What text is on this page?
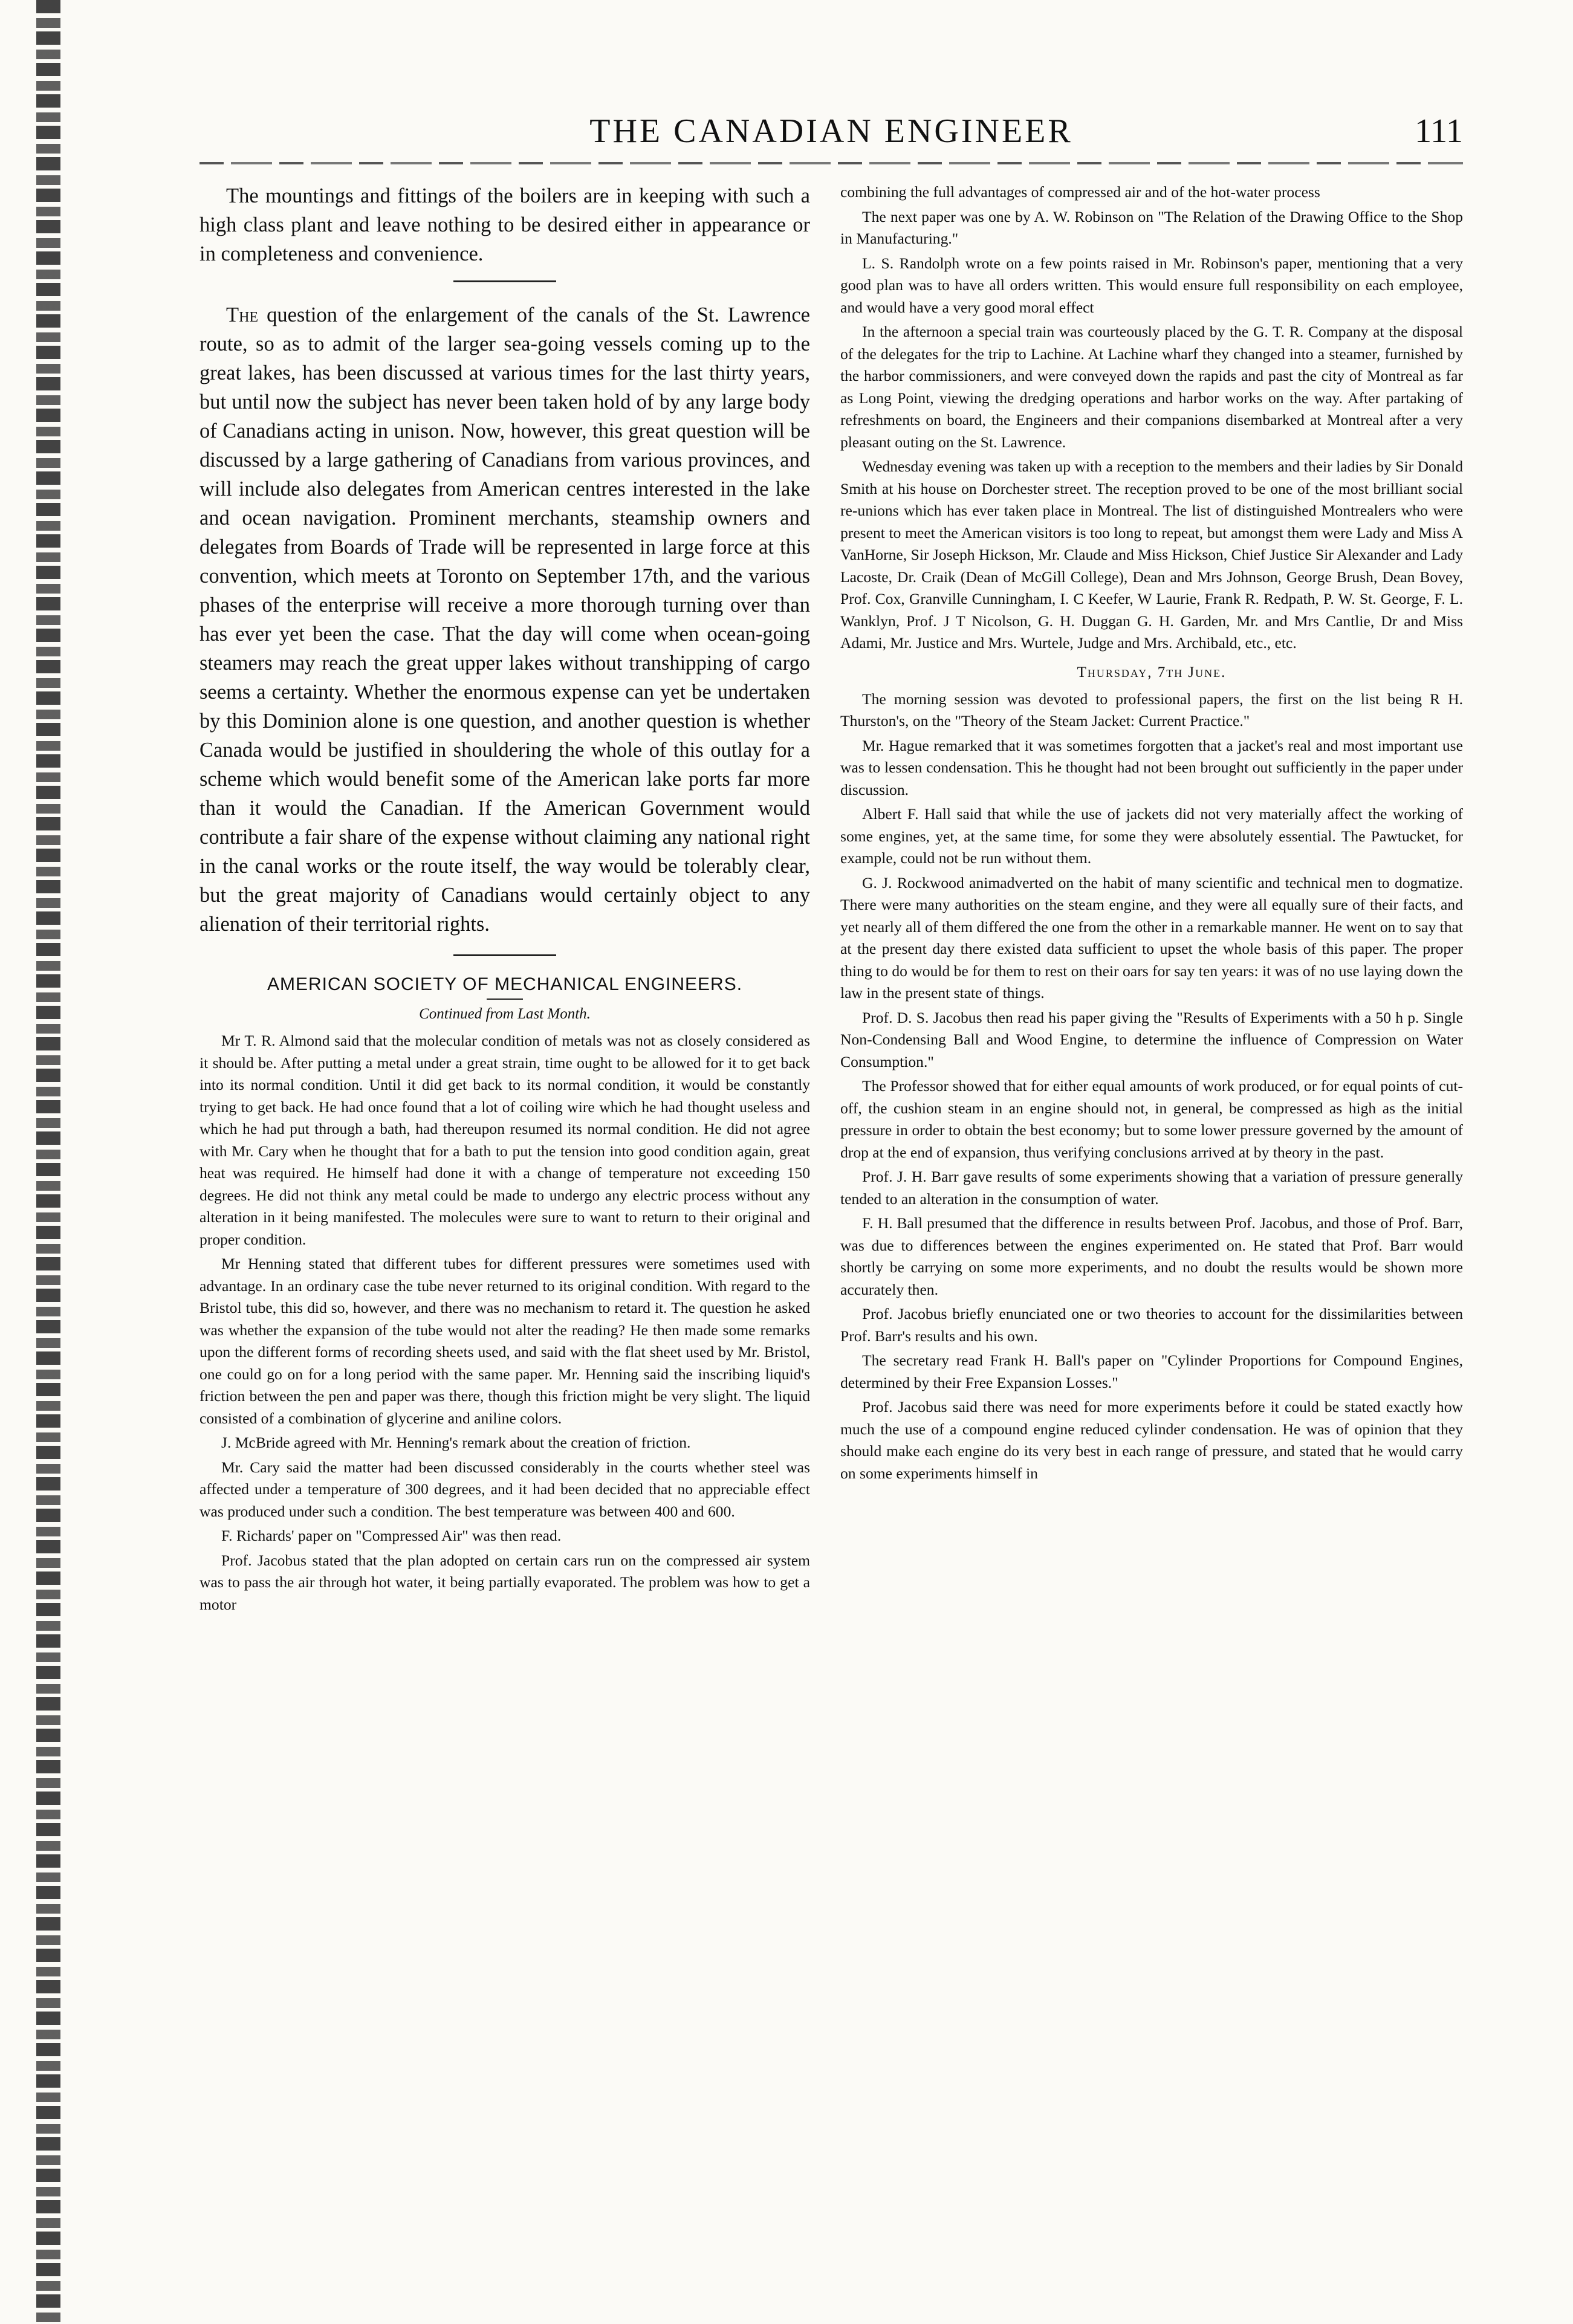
THE CANADIAN ENGINEER	111

The mountings and fittings of the boilers are in keeping with such a high class plant and leave nothing to be desired either in appearance or in completeness and convenience.

The question of the enlargement of the canals of the St. Lawrence route, so as to admit of the larger sea-going vessels coming up to the great lakes, has been discussed at various times for the last thirty years, but until now the subject has never been taken hold of by any large body of Canadians acting in unison. Now, however, this great question will be discussed by a large gathering of Canadians from various provinces, and will include also delegates from American centres interested in the lake and ocean navigation. Prominent merchants, steamship owners and delegates from Boards of Trade will be represented in large force at this convention, which meets at Toronto on September 17th, and the various phases of the enterprise will receive a more thorough turning over than has ever yet been the case. That the day will come when ocean-going steamers may reach the great upper lakes without transhipping of cargo seems a certainty. Whether the enormous expense can yet be undertaken by this Dominion alone is one question, and another question is whether Canada would be justified in shouldering the whole of this outlay for a scheme which would benefit some of the American lake ports far more than it would the Canadian. If the American Government would contribute a fair share of the expense without claiming any national right in the canal works or the route itself, the way would be tolerably clear, but the great majority of Canadians would certainly object to any alienation of their territorial rights.

AMERICAN SOCIETY OF MECHANICAL ENGINEERS.
Continued from Last Month.

Mr T. R. Almond said that the molecular condition of metals was not as closely considered as it should be. After putting a metal under a great strain, time ought to be allowed for it to get back into its normal condition. Until it did get back to its normal condition, it would be constantly trying to get back. He had once found that a lot of coiling wire which he had thought useless and which he had put through a bath, had thereupon resumed its normal condition. He did not agree with Mr. Cary when he thought that for a bath to put the tension into good condition again, great heat was required. He himself had done it with a change of temperature not exceeding 150 degrees. He did not think any metal could be made to undergo any electric process without any alteration in it being manifested. The molecules were sure to want to return to their original and proper condition.

Mr Henning stated that different tubes for different pressures were sometimes used with advantage. In an ordinary case the tube never returned to its original condition. With regard to the Bristol tube, this did so, however, and there was no mechanism to retard it. The question he asked was whether the expansion of the tube would not alter the reading? He then made some remarks upon the different forms of recording sheets used, and said with the flat sheet used by Mr. Bristol, one could go on for a long period with the same paper. Mr. Henning said the inscribing liquid's friction between the pen and paper was there, though this friction might be very slight. The liquid consisted of a combination of glycerine and aniline colors.

J. McBride agreed with Mr. Henning's remark about the creation of friction.

Mr. Cary said the matter had been discussed considerably in the courts whether steel was affected under a temperature of 300 degrees, and it had been decided that no appreciable effect was produced under such a condition. The best temperature was between 400 and 600.

F. Richards' paper on "Compressed Air" was then read.

Prof. Jacobus stated that the plan adopted on certain cars run on the compressed air system was to pass the air through hot water, it being partially evaporated. The problem was how to get a motor

combining the full advantages of compressed air and of the hot-water process

The next paper was one by A. W. Robinson on "The Relation of the Drawing Office to the Shop in Manufacturing."

L. S. Randolph wrote on a few points raised in Mr. Robinson's paper, mentioning that a very good plan was to have all orders written. This would ensure full responsibility on each employee, and would have a very good moral effect

In the afternoon a special train was courteously placed by the G. T. R. Company at the disposal of the delegates for the trip to Lachine. At Lachine wharf they changed into a steamer, furnished by the harbor commissioners, and were conveyed down the rapids and past the city of Montreal as far as Long Point, viewing the dredging operations and harbor works on the way. After partaking of refreshments on board, the Engineers and their companions disembarked at Montreal after a very pleasant outing on the St. Lawrence.

Wednesday evening was taken up with a reception to the members and their ladies by Sir Donald Smith at his house on Dorchester street. The reception proved to be one of the most brilliant social re-unions which has ever taken place in Montreal. The list of distinguished Montrealers who were present to meet the American visitors is too long to repeat, but amongst them were Lady and Miss A VanHorne, Sir Joseph Hickson, Mr. Claude and Miss Hickson, Chief Justice Sir Alexander and Lady Lacoste, Dr. Craik (Dean of McGill College), Dean and Mrs Johnson, George Brush, Dean Bovey, Prof. Cox, Granville Cunningham, I. C Keefer, W Laurie, Frank R. Redpath, P. W. St. George, F. L. Wanklyn, Prof. J T Nicolson, G. H. Duggan G. H. Garden, Mr. and Mrs Cantlie, Dr and Miss Adami, Mr. Justice and Mrs. Wurtele, Judge and Mrs. Archibald, etc., etc.

Thursday, 7th June.

The morning session was devoted to professional papers, the first on the list being R H. Thurston's, on the "Theory of the Steam Jacket: Current Practice."

Mr. Hague remarked that it was sometimes forgotten that a jacket's real and most important use was to lessen condensation. This he thought had not been brought out sufficiently in the paper under discussion.

Albert F. Hall said that while the use of jackets did not very materially affect the working of some engines, yet, at the same time, for some they were absolutely essential. The Pawtucket, for example, could not be run without them.

G. J. Rockwood animadverted on the habit of many scientific and technical men to dogmatize. There were many authorities on the steam engine, and they were all equally sure of their facts, and yet nearly all of them differed the one from the other in a remarkable manner. He went on to say that at the present day there existed data sufficient to upset the whole basis of this paper. The proper thing to do would be for them to rest on their oars for say ten years: it was of no use laying down the law in the present state of things.

Prof. D. S. Jacobus then read his paper giving the "Results of Experiments with a 50 h p. Single Non-Condensing Ball and Wood Engine, to determine the influence of Compression on Water Consumption."

The Professor showed that for either equal amounts of work produced, or for equal points of cut-off, the cushion steam in an engine should not, in general, be compressed as high as the initial pressure in order to obtain the best economy; but to some lower pressure governed by the amount of drop at the end of expansion, thus verifying conclusions arrived at by theory in the past.

Prof. J. H. Barr gave results of some experiments showing that a variation of pressure generally tended to an alteration in the consumption of water.

F. H. Ball presumed that the difference in results between Prof. Jacobus, and those of Prof. Barr, was due to differences between the engines experimented on. He stated that Prof. Barr would shortly be carrying on some more experiments, and no doubt the results would be shown more accurately then.

Prof. Jacobus briefly enunciated one or two theories to account for the dissimilarities between Prof. Barr's results and his own.

The secretary read Frank H. Ball's paper on "Cylinder Proportions for Compound Engines, determined by their Free Expansion Losses."

Prof. Jacobus said there was need for more experiments before it could be stated exactly how much the use of a compound engine reduced cylinder condensation. He was of opinion that they should make each engine do its very best in each range of pressure, and stated that he would carry on some experiments himself in
